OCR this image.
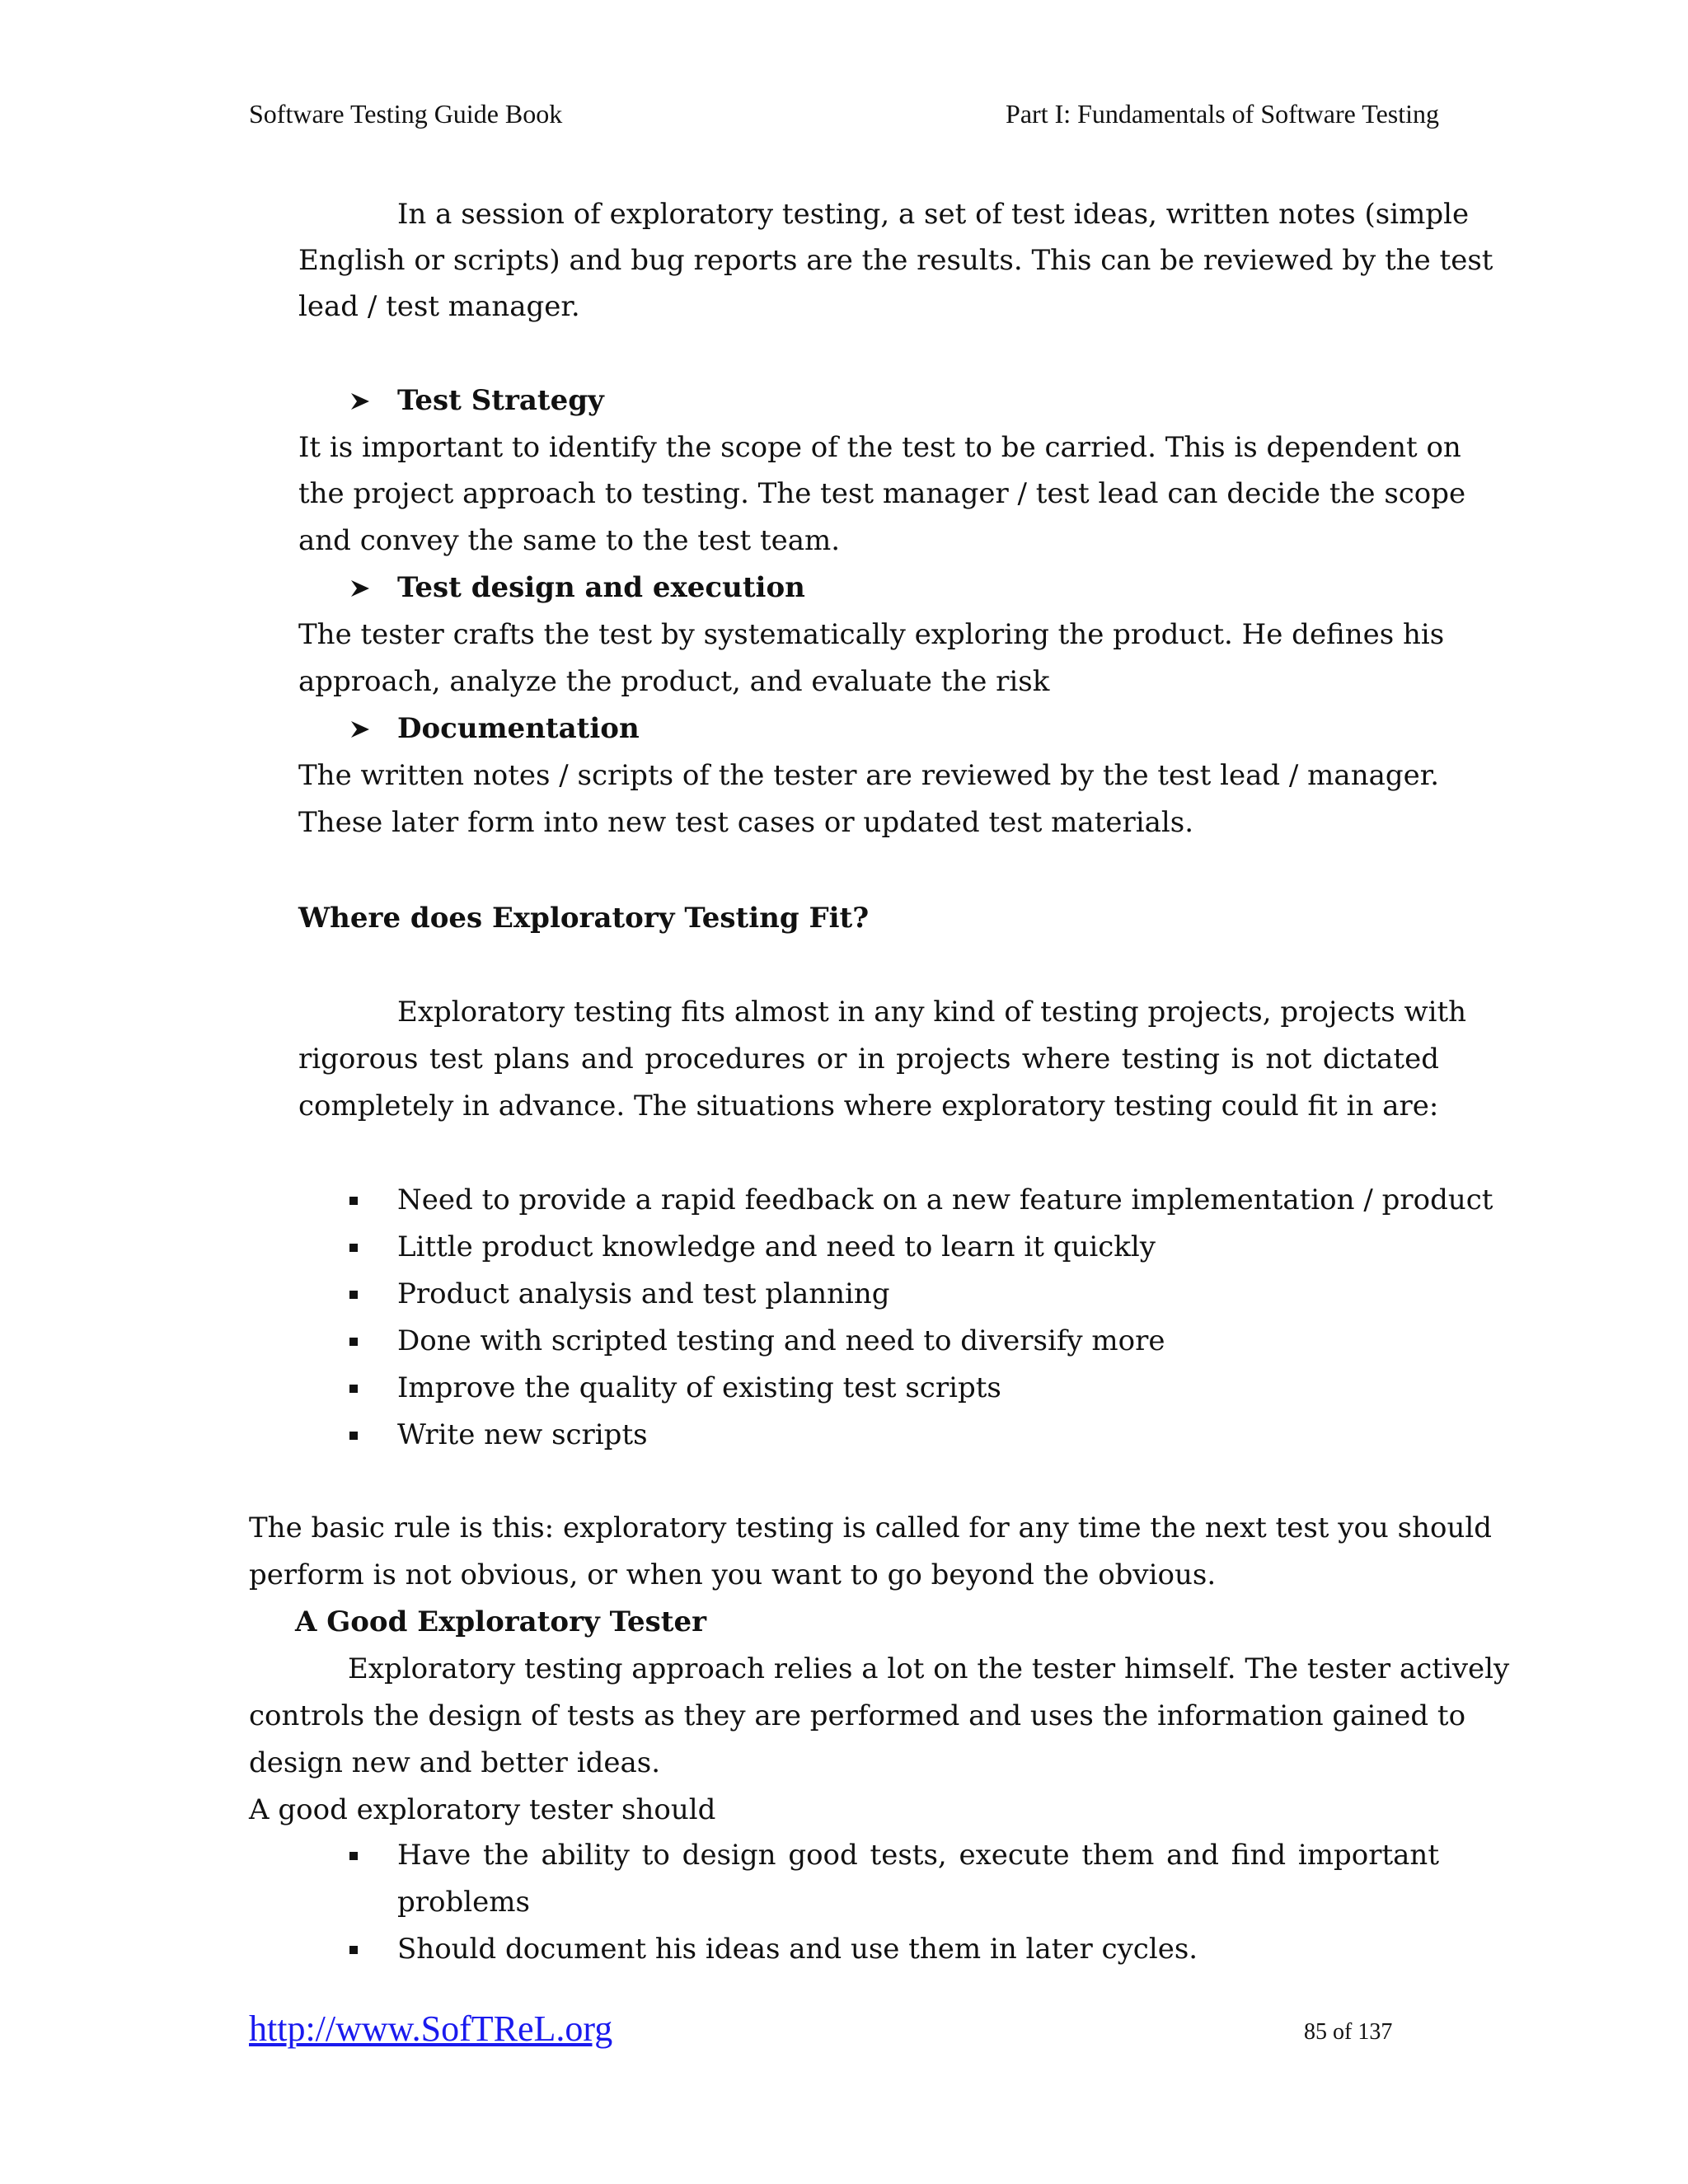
Software Testing Guide Book	Part I: Fundamentals of Software Testing
In a session of exploratory testing, a set of test ideas, written notes (simple
English or scripts) and bug reports are the results. This can be reviewed by the test
lead / test manager.
Test Strategy
It is important to identify the scope of the test to be carried. This is dependent on
the project approach to testing. The test manager / test lead can decide the scope
and convey the same to the test team.
Test design and execution
The tester crafts the test by systematically exploring the product. He defines his
approach, analyze the product, and evaluate the risk
Documentation
The written notes / scripts of the tester are reviewed by the test lead / manager.
These later form into new test cases or updated test materials.
Where does Exploratory Testing Fit?
Exploratory testing fits almost in any kind of testing projects, projects with
rigorous test plans and procedures or in projects where testing is not dictated
completely in advance. The situations where exploratory testing could fit in are:
Need to provide a rapid feedback on a new feature implementation / product
Little product knowledge and need to learn it quickly
Product analysis and test planning
Done with scripted testing and need to diversify more
Improve the quality of existing test scripts
Write new scripts
The basic rule is this: exploratory testing is called for any time the next test you should
perform is not obvious, or when you want to go beyond the obvious.
A Good Exploratory Tester
Exploratory testing approach relies a lot on the tester himself. The tester actively
controls the design of tests as they are performed and uses the information gained to
design new and better ideas.
A good exploratory tester should
Have the ability to design good tests, execute them and find important
problems
Should document his ideas and use them in later cycles.
http://www.SofTReL.org	85 of 137
